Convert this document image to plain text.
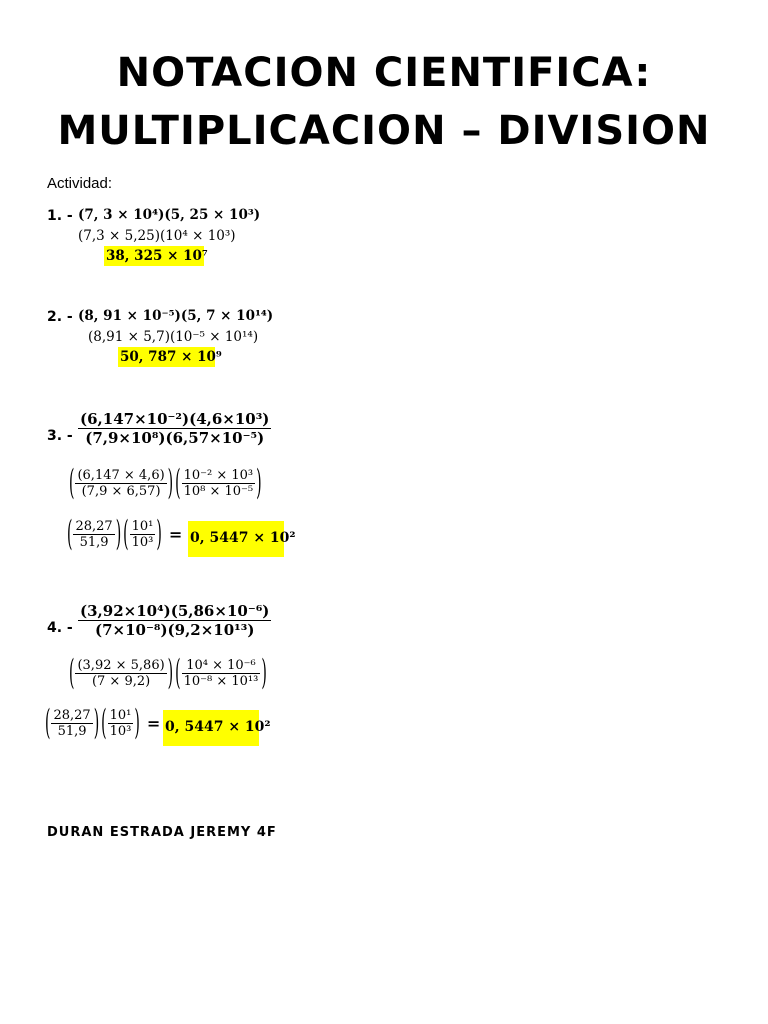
NOTACION CIENTIFICA:
MULTIPLICACION – DIVISION
Actividad:
1. - (7, 3 × 10⁴)(5, 25 × 10³)
(7,3 × 5,25)(10⁴ × 10³)
38, 325 × 10⁷
2. - (8, 91 × 10⁻⁵)(5, 7 × 10¹⁴)
(8,91 × 5,7)(10⁻⁵ × 10¹⁴)
50, 787 × 10⁹
3. - $\frac{\text{(6,147×10⁻²)(4,6×10³)}}{\text{(7,9×10⁸)(6,57×10⁻⁵)}}$
( $\frac{(6,147 \times 4,6)}{(7,9 \times 6,57)}$ ) ( $\frac{\text{10⁻² × 10³}}{\text{10⁸ × 10⁻⁵}}$ )
( $\frac{28,27}{51,9}$ ) ( $\frac{\text{10¹}}{\text{10³}}$ ) = 0, 5447 × 10²
4. - $\frac{\text{(3,92×10⁴)(5,86×10⁻⁶)}}{\text{(7×10⁻⁸)(9,2×10¹³)}}$
( $\frac{(3,92 \times 5,86)}{(7 \times 9,2)}$ ) ( $\frac{\text{10⁴ × 10⁻⁶}}{\text{10⁻⁸ × 10¹³}}$ )
( $\frac{28,27}{51,9}$ ) ( $\frac{\text{10¹}}{\text{10³}}$ ) = 0, 5447 × 10²
DURAN ESTRADA JEREMY 4F
